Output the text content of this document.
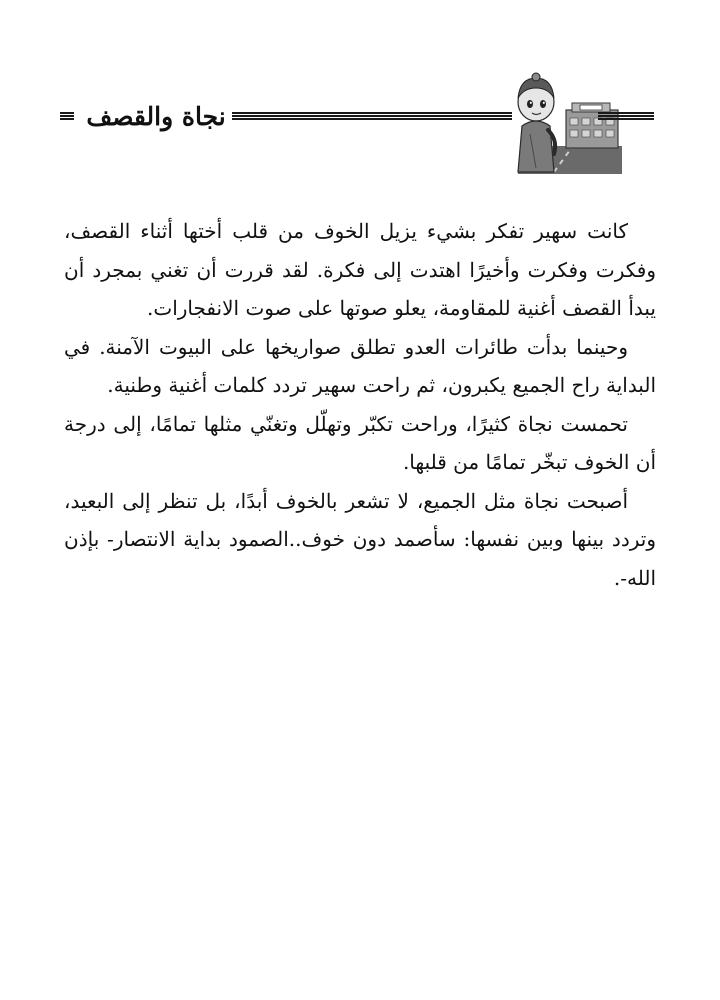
نجاة والقصف

كانت سهير تفكر بشيء يزيل الخوف من قلب أختها أثناء القصف، وفكرت وفكرت وأخيرًا اهتدت إلى فكرة. لقد قررت أن تغني بمجرد أن يبدأ القصف أغنية للمقاومة، يعلو صوتها على صوت الانفجارات.

وحينما بدأت طائرات العدو تطلق صواريخها على البيوت الآمنة. في البداية راح الجميع يكبرون، ثم راحت سهير تردد كلمات أغنية وطنية.

تحمست نجاة كثيرًا، وراحت تكبّر وتهلّل وتغنّي مثلها تمامًا، إلى درجة أن الخوف تبخّر تمامًا من قلبها.

أصبحت نجاة مثل الجميع، لا تشعر بالخوف أبدًا، بل تنظر إلى البعيد، وتردد بينها وبين نفسها: سأصمد دون خوف..الصمود بداية الانتصار- بإذن الله-.
